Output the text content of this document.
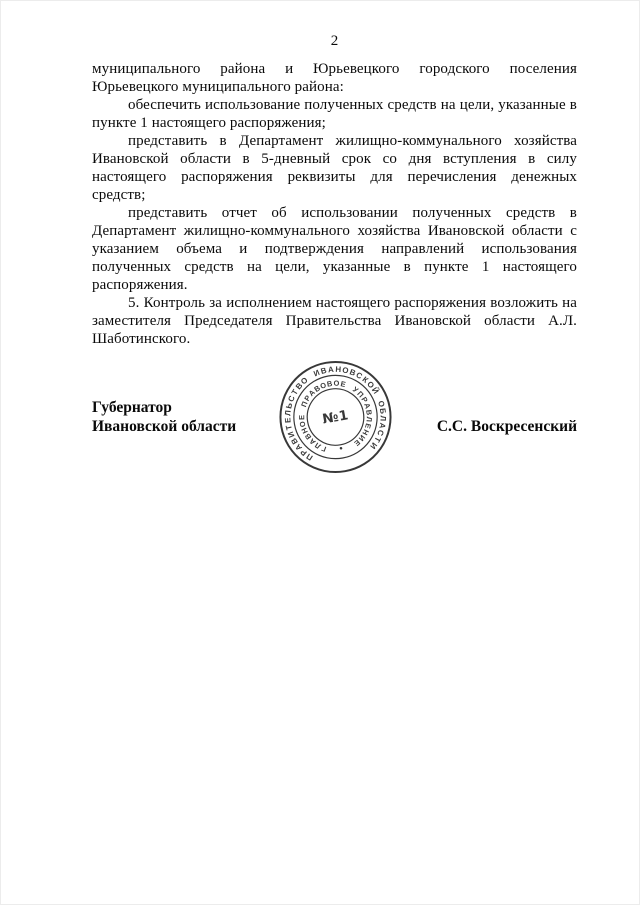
2

муниципального района и Юрьевецкого городского поселения Юрьевецкого муниципального района:

обеспечить использование полученных средств на цели, указанные в пункте 1 настоящего распоряжения;

представить в Департамент жилищно-коммунального хозяйства Ивановской области в 5-дневный срок со дня вступления в силу настоящего распоряжения реквизиты для перечисления денежных средств;

представить отчет об использовании полученных средств в Департамент жилищно-коммунального хозяйства Ивановской области с указанием объема и подтверждения направлений использования полученных средств на цели, указанные в пункте 1 настоящего распоряжения.

5. Контроль за исполнением настоящего распоряжения возложить на заместителя Председателя Правительства Ивановской области А.Л. Шаботинского.

Губернатор
Ивановской области	С.С. Воскресенский
П
Р
А
В
И
Т
Е
Л
Ь
С
Т
В
О
И
В А Н О
В
С
К
О
Й
О
Б
Л
А
С
Т
И
Г
Л
А
В
Н
О
Е
П
Р
А
В
О
В О Е
У
П
Р
А
В
Л
Е
Н
И
Е
№1
